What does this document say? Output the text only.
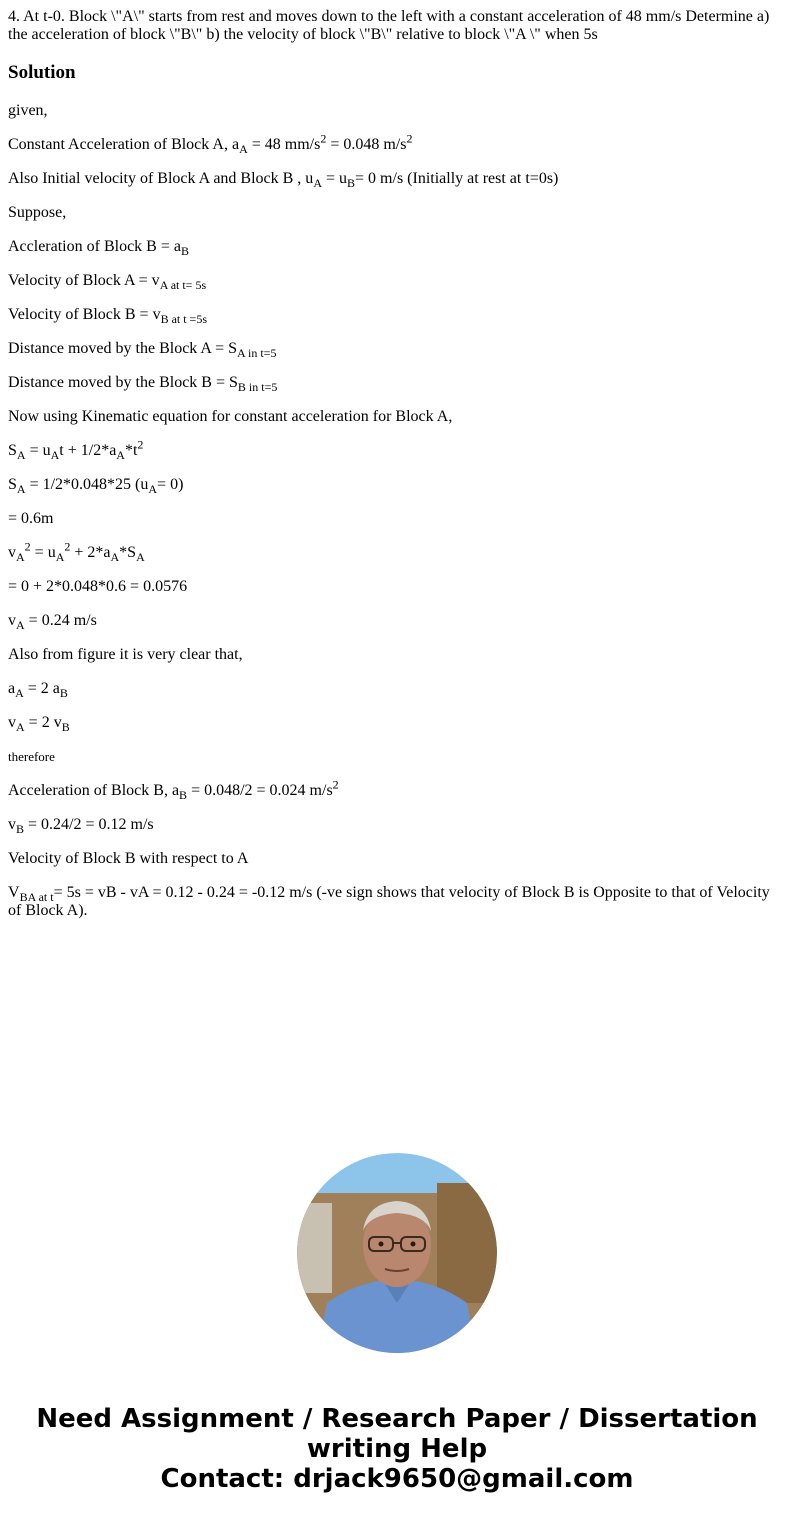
4. At t-0. Block \"A\" starts from rest and moves down to the left with a constant acceleration of 48 mm/s Determine a) the acceleration of block \"B\" b) the velocity of block \"B\" relative to block \"A \" when 5s

Solution

given,

Constant Acceleration of Block A, $a_A = 48$ $mm/s^2 = 0.048$ $m/s^2$

Also Initial velocity of Block A and Block B , $u_A = u_B= 0$ m/s (Initially at rest at t=0s)

Suppose,

Accleration of Block $B = a_B$

Velocity of Block $A = v_{A at t= 5s}$

Velocity of Block $B = v_{B at t =5s}$

Distance moved by the Block $A = S_{A in t=5}$

Distance moved by the Block $B = S_{B in t=5}$

Now using Kinematic equation for constant acceleration for Block A,

$S_A = u_At + 1/2*a_A*t^2$

$S_A = 1/2*0.048*25$ $(u_A= 0)$

= 0.6m

$v_A^2 = u_A^2 + 2*a_A*S_A$

= 0 + 2*0.048*0.6 = 0.0576

$v_A = 0.24$ m/s

Also from figure it is very clear that,

$a_A = 2$ $a_B$

$v_A = 2$ $v_B$

therefore

Acceleration of Block B, $a_B = 0.048/2 = 0.024$ $m/s^2$

$v_B = 0.24/2 = 0.12$ m/s

Velocity of Block B with respect to A

$V_{BA at t}= 5s$ = vB - vA = 0.12 - 0.24 = -0.12 m/s (-ve sign shows that velocity of Block B is Opposite to that of Velocity of Block A).

Need Assignment / Research Paper / Dissertation
writing Help
Contact: drjack9650@gmail.com
